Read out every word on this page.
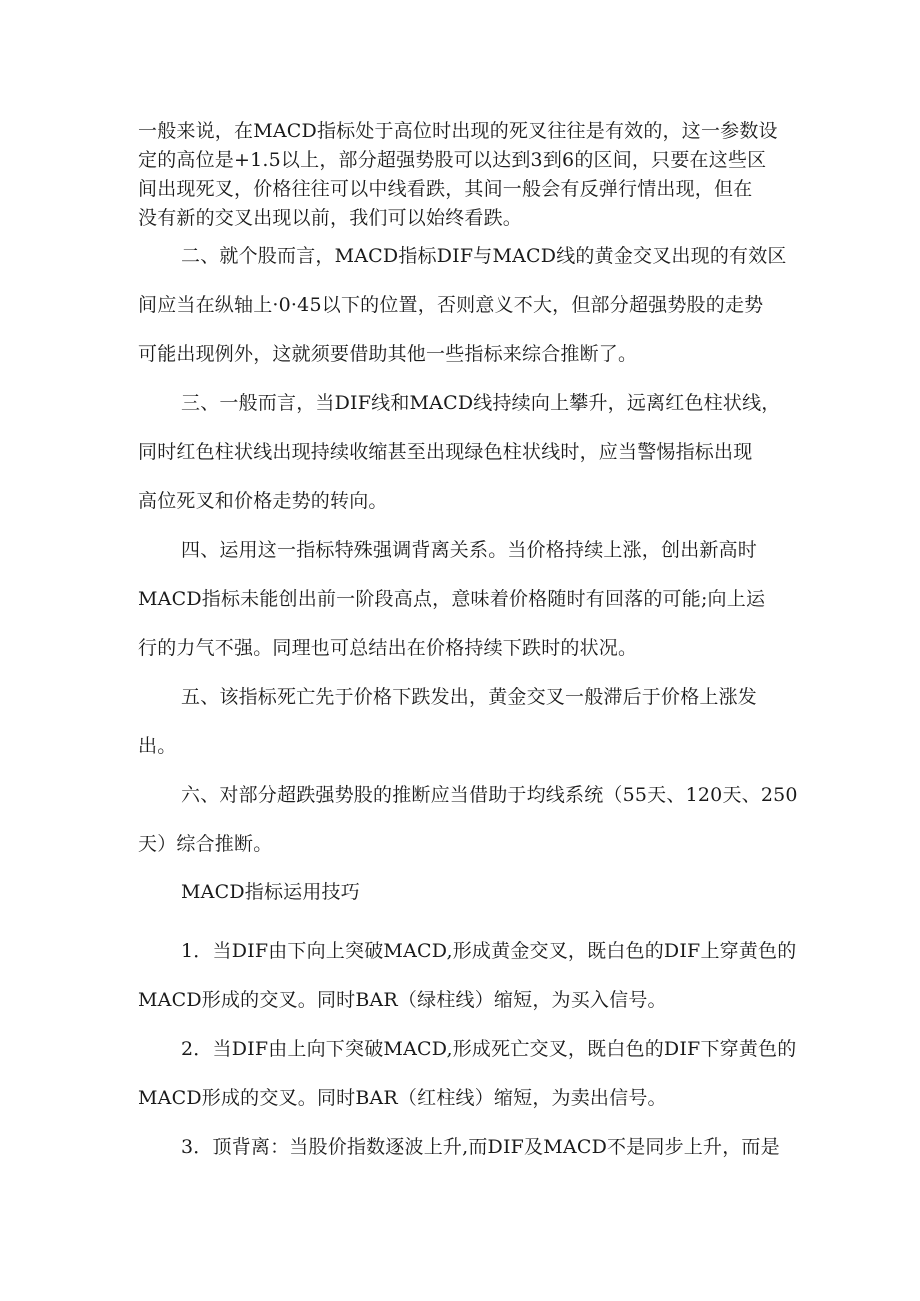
一般来说，在MACD指标处于高位时出现的死叉往往是有效的，这一参数设
定的高位是+1.5以上，部分超强势股可以达到3到6的区间，只要在这些区
间出现死叉，价格往往可以中线看跌，其间一般会有反弹行情出现，但在
没有新的交叉出现以前，我们可以始终看跌。
二、就个股而言，MACD指标DIF与MACD线的黄金交叉出现的有效区
间应当在纵轴上·0·45以下的位置，否则意义不大，但部分超强势股的走势
可能出现例外，这就须要借助其他一些指标来综合推断了。
三、一般而言，当DIF线和MACD线持续向上攀升，远离红色柱状线，
同时红色柱状线出现持续收缩甚至出现绿色柱状线时，应当警惕指标出现
高位死叉和价格走势的转向。
四、运用这一指标特殊强调背离关系。当价格持续上涨，创出新高时
MACD指标未能创出前一阶段高点，意味着价格随时有回落的可能;向上运
行的力气不强。同理也可总结出在价格持续下跌时的状况。
五、该指标死亡先于价格下跌发出，黄金交叉一般滞后于价格上涨发
出。
六、对部分超跌强势股的推断应当借助于均线系统（55天、120天、250
天）综合推断。
MACD指标运用技巧
1．当DIF由下向上突破MACD,形成黄金交叉，既白色的DIF上穿黄色的
MACD形成的交叉。同时BAR（绿柱线）缩短，为买入信号。
2．当DIF由上向下突破MACD,形成死亡交叉，既白色的DIF下穿黄色的
MACD形成的交叉。同时BAR（红柱线）缩短，为卖出信号。
3．顶背离：当股价指数逐波上升,而DIF及MACD不是同步上升，而是
